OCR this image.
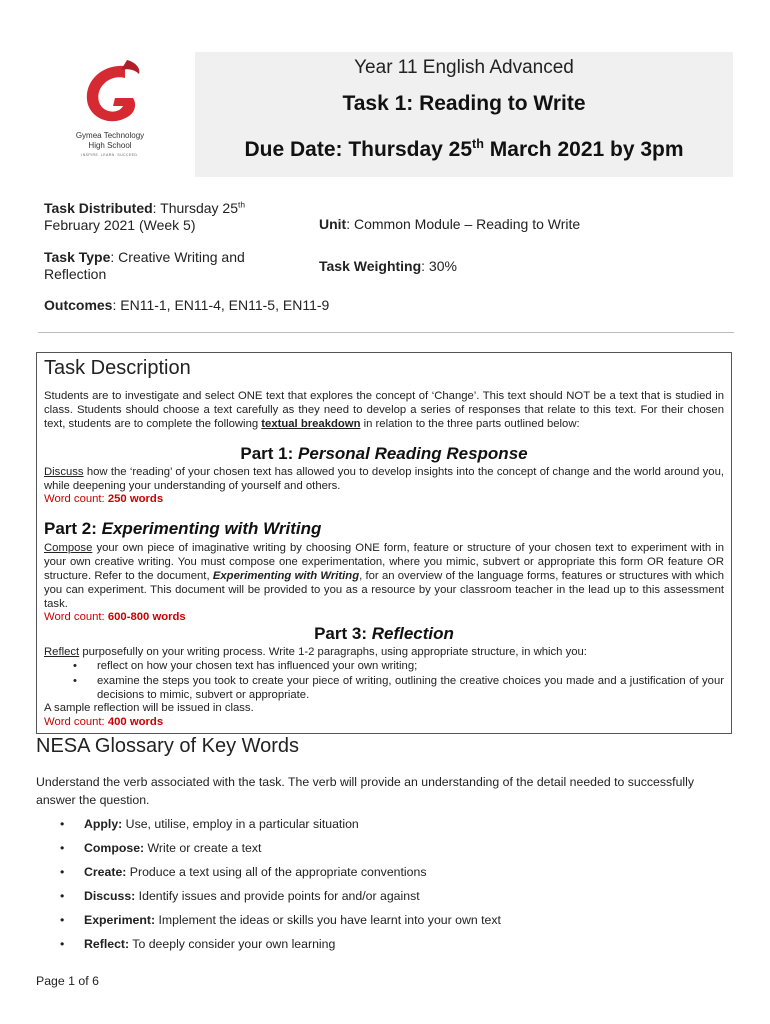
Gymea Technology
High School
INSPIRE. LEARN. SUCCEED.
Year 11 English Advanced
Task 1: Reading to Write
Due Date: Thursday 25th March 2021 by 3pm
Task Distributed: Thursday 25th
February 2021 (Week 5)	Unit: Common Module – Reading to Write
Task Type: Creative Writing and
Reflection	Task Weighting: 30%
Outcomes: EN11-1, EN11-4, EN11-5, EN11-9
Task Description
Students are to investigate and select ONE text that explores the concept of ‘Change’. This text should NOT be a text that is studied in class. Students should choose a text carefully as they need to develop a series of responses that relate to this text. For their chosen text, students are to complete the following textual breakdown in relation to the three parts outlined below:
Part 1: Personal Reading Response
Discuss how the ‘reading’ of your chosen text has allowed you to develop insights into the concept of change and the world around you, while deepening your understanding of yourself and others.
Word count: 250 words
Part 2: Experimenting with Writing
Compose your own piece of imaginative writing by choosing ONE form, feature or structure of your chosen text to experiment with in your own creative writing. You must compose one experimentation, where you mimic, subvert or appropriate this form OR feature OR structure. Refer to the document, Experimenting with Writing, for an overview of the language forms, features or structures with which you can experiment. This document will be provided to you as a resource by your classroom teacher in the lead up to this assessment task.
Word count: 600-800 words
Part 3: Reflection
Reflect purposefully on your writing process. Write 1-2 paragraphs, using appropriate structure, in which you:
• reflect on how your chosen text has influenced your own writing;
• examine the steps you took to create your piece of writing, outlining the creative choices you made and a justification of your decisions to mimic, subvert or appropriate.
A sample reflection will be issued in class.
Word count: 400 words
NESA Glossary of Key Words
Understand the verb associated with the task. The verb will provide an understanding of the detail needed to successfully answer the question.
• Apply: Use, utilise, employ in a particular situation
• Compose: Write or create a text
• Create: Produce a text using all of the appropriate conventions
• Discuss: Identify issues and provide points for and/or against
• Experiment: Implement the ideas or skills you have learnt into your own text
• Reflect: To deeply consider your own learning
Page 1 of 6
